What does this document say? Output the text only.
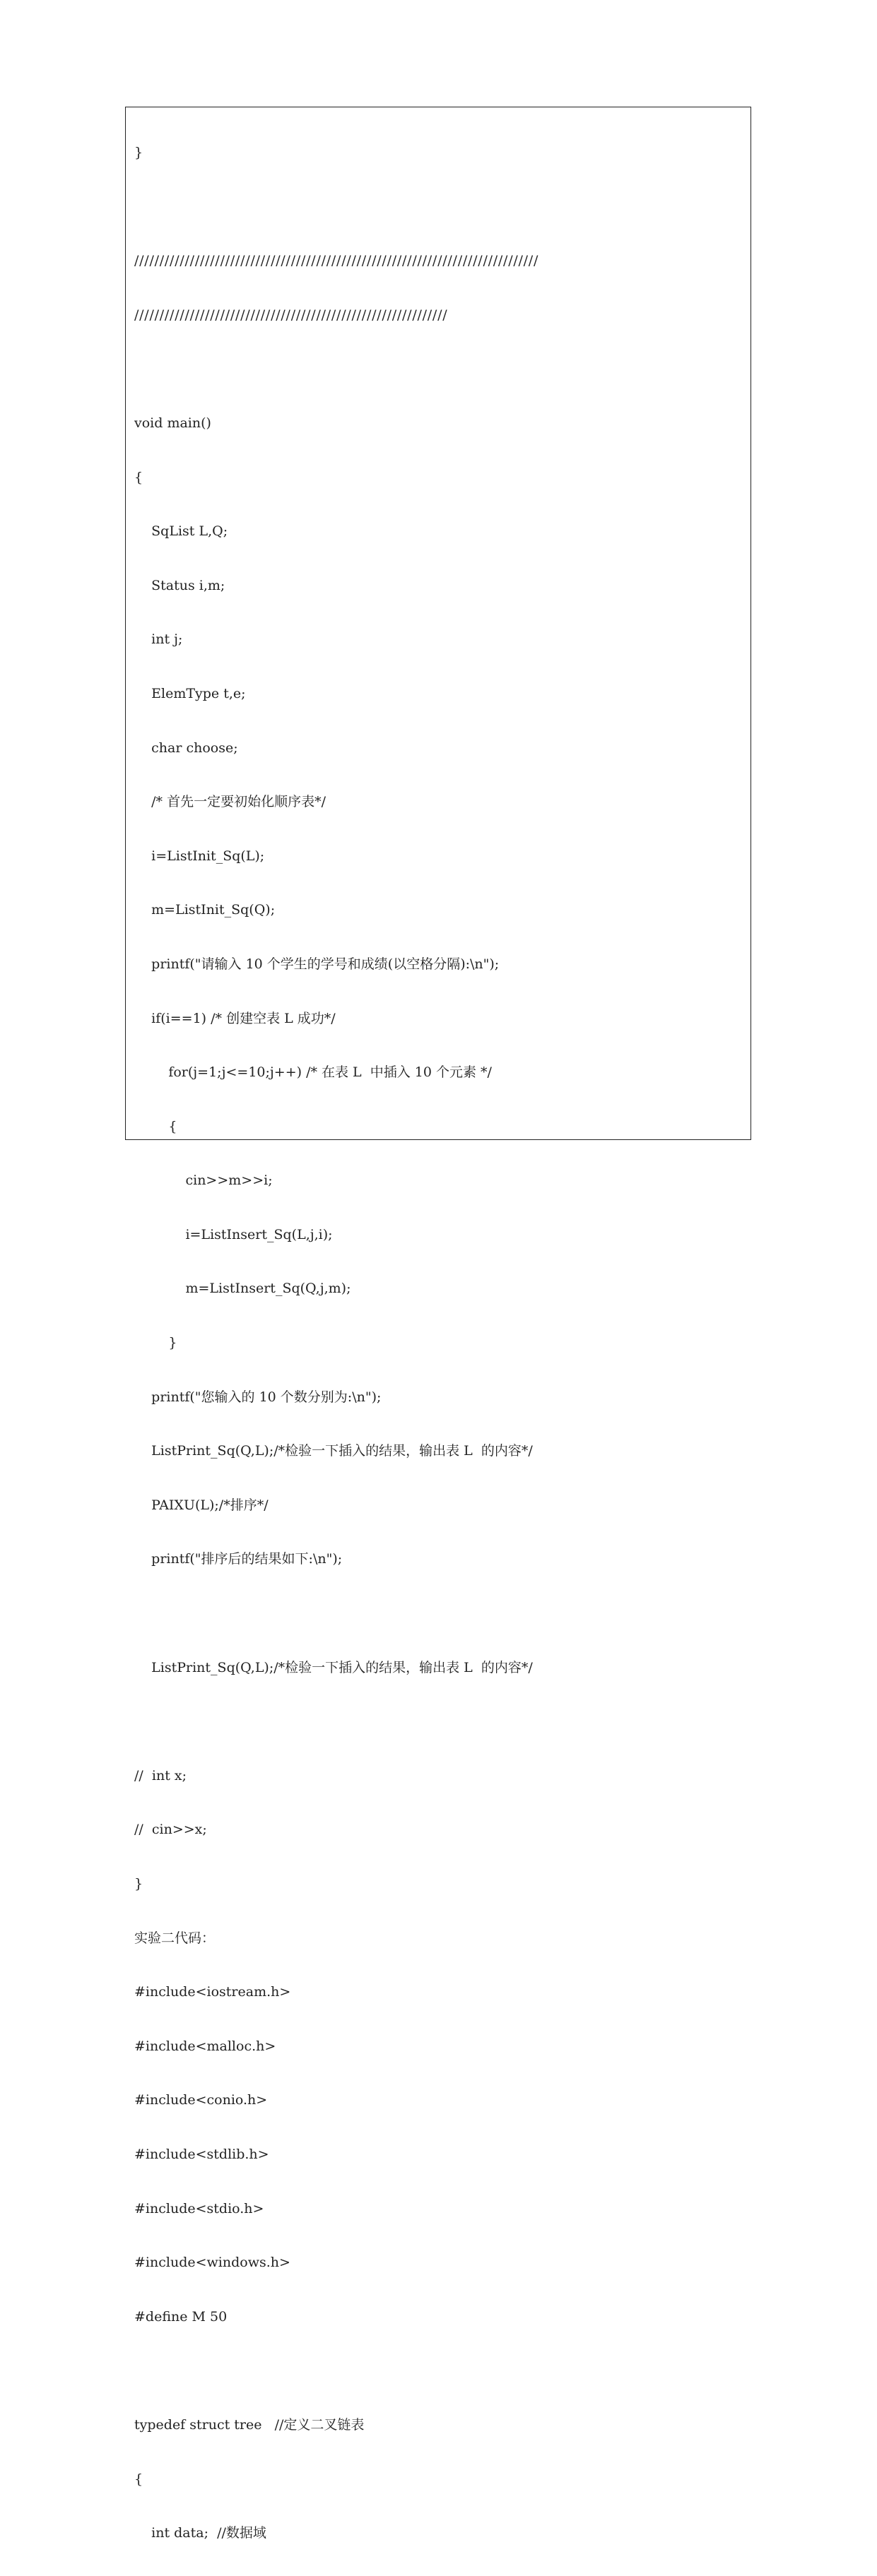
}

////////////////////////////////////////////////////////////////////////////////

//////////////////////////////////////////////////////////////

void main()

{

SqList L,Q;

Status i,m;

int j;

ElemType t,e;

char choose;

/* 首先一定要初始化顺序表*/

i=ListInit_Sq(L);

m=ListInit_Sq(Q);

printf("请输入 10 个学生的学号和成绩(以空格分隔):\n");

if(i==1) /* 创建空表 L 成功*/

for(j=1;j<=10;j++) /* 在表 L  中插入 10 个元素 */

{

cin>>m>>i;

i=ListInsert_Sq(L,j,i);

m=ListInsert_Sq(Q,j,m);

}

printf("您输入的 10 个数分别为:\n");

ListPrint_Sq(Q,L);/*检验一下插入的结果，输出表 L  的内容*/

PAIXU(L);/*排序*/

printf("排序后的结果如下:\n");

ListPrint_Sq(Q,L);/*检验一下插入的结果，输出表 L  的内容*/

//  int x;

//  cin>>x;

}

实验二代码：

#include<iostream.h>

#include<malloc.h>

#include<conio.h>

#include<stdlib.h>

#include<stdio.h>

#include<windows.h>

#define M 50

typedef struct tree   //定义二叉链表

{

int data;  //数据域
